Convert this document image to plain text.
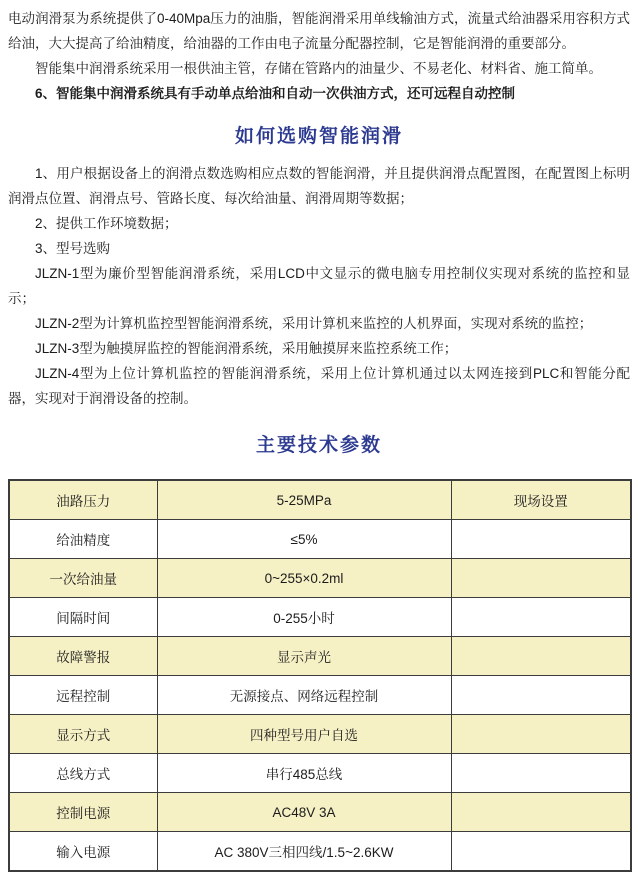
电动润滑泵为系统提供了0-40Mpa压力的油脂，智能润滑采用单线输油方式，流量式给油器采用容积方式给油，大大提高了给油精度，给油器的工作由电子流量分配器控制，它是智能润滑的重要部分。

智能集中润滑系统采用一根供油主管，存储在管路内的油量少、不易老化、材料省、施工简单。

6、智能集中润滑系统具有手动单点给油和自动一次供油方式，还可远程自动控制

如何选购智能润滑

1、用户根据设备上的润滑点数选购相应点数的智能润滑，并且提供润滑点配置图，在配置图上标明润滑点位置、润滑点号、管路长度、每次给油量、润滑周期等数据；

2、提供工作环境数据；

3、型号选购

JLZN-1型为廉价型智能润滑系统，采用LCD中文显示的微电脑专用控制仪实现对系统的监控和显示；

JLZN-2型为计算机监控型智能润滑系统，采用计算机来监控的人机界面，实现对系统的监控；

JLZN-3型为触摸屏监控的智能润滑系统，采用触摸屏来监控系统工作；

JLZN-4型为上位计算机监控的智能润滑系统，采用上位计算机通过以太网连接到PLC和智能分配器，实现对于润滑设备的控制。

主要技术参数
油路压力	5-25MPa	现场设置
给油精度	≤5%	
一次给油量	0~255×0.2ml	
间隔时间	0-255小时	
故障警报	显示声光	
远程控制	无源接点、网络远程控制	
显示方式	四种型号用户自选	
总线方式	串行485总线	
控制电源	AC48V 3A	
输入电源	AC 380V三相四线/1.5~2.6KW	
